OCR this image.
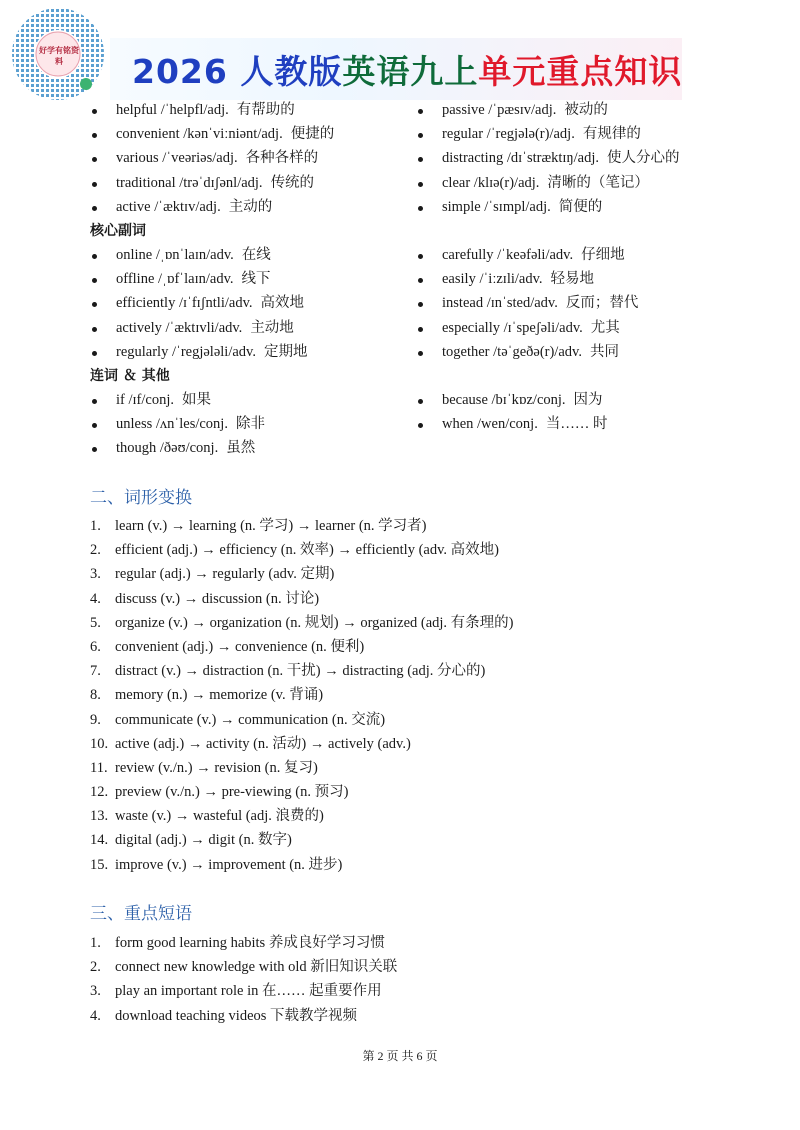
好学有铭资料	2026 人教版英语九上单元重点知识
helpful /ˈhelpfl/adj. 有帮助的
convenient /kənˈviːniənt/adj. 便捷的
various /ˈveəriəs/adj. 各种各样的
traditional /trəˈdɪʃənl/adj. 传统的
active /ˈæktɪv/adj. 主动的
passive /ˈpæsɪv/adj. 被动的
regular /ˈregjələ(r)/adj. 有规律的
distracting /dɪˈstræktɪŋ/adj. 使人分心的
clear /klɪə(r)/adj. 清晰的（笔记）
simple /ˈsɪmpl/adj. 简便的
核心副词
online /ˌɒnˈlaɪn/adv. 在线
offline /ˌɒfˈlaɪn/adv. 线下
efficiently /ɪˈfɪʃntli/adv. 高效地
actively /ˈæktɪvli/adv. 主动地
regularly /ˈregjələli/adv. 定期地
carefully /ˈkeəfəli/adv. 仔细地
easily /ˈiːzɪli/adv. 轻易地
instead /ɪnˈsted/adv. 反而；替代
especially /ɪˈspeʃəli/adv. 尤其
together /təˈgeðə(r)/adv. 共同
连词 ＆ 其他
if /ɪf/conj. 如果
unless /ʌnˈles/conj. 除非
though /ðəʊ/conj. 虽然
because /bɪˈkɒz/conj. 因为
when /wen/conj. 当…… 时
二、词形变换
1. learn (v.) → learning (n. 学习) → learner (n. 学习者)
2. efficient (adj.) → efficiency (n. 效率) → efficiently (adv. 高效地)
3. regular (adj.) → regularly (adv. 定期)
4. discuss (v.) → discussion (n. 讨论)
5. organize (v.) → organization (n. 规划) → organized (adj. 有条理的)
6. convenient (adj.) → convenience (n. 便利)
7. distract (v.) → distraction (n. 干扰) → distracting (adj. 分心的)
8. memory (n.) → memorize (v. 背诵)
9. communicate (v.) → communication (n. 交流)
10. active (adj.) → activity (n. 活动) → actively (adv.)
11. review (v./n.) → revision (n. 复习)
12. preview (v./n.) → pre-viewing (n. 预习)
13. waste (v.) → wasteful (adj. 浪费的)
14. digital (adj.) → digit (n. 数字)
15. improve (v.) → improvement (n. 进步)
三、重点短语
1. form good learning habits 养成良好学习习惯
2. connect new knowledge with old 新旧知识关联
3. play an important role in 在…… 起重要作用
4. download teaching videos 下载教学视频
第 2 页 共 6 页
